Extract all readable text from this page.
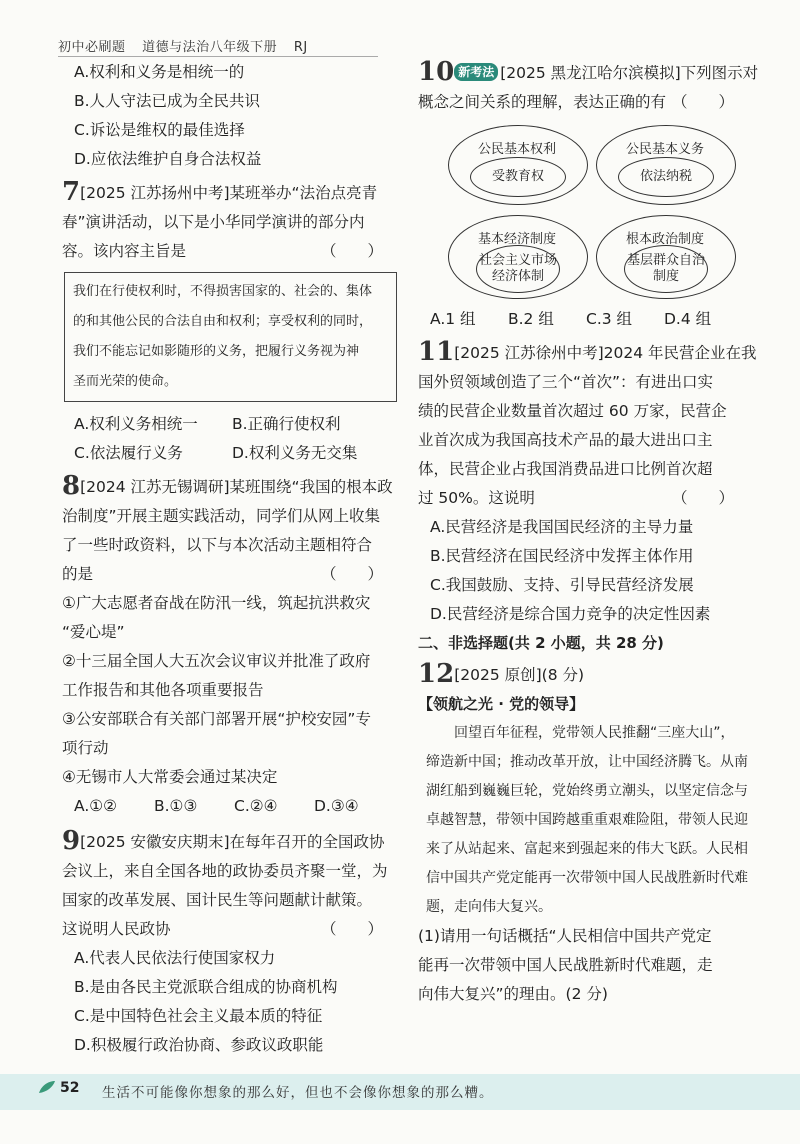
初中必刷题 道德与法治八年级下册 RJ
A.权利和义务是相统一的
B.人人守法已成为全民共识
C.诉讼是维权的最佳选择
D.应依法维护自身合法权益
7[2025 江苏扬州中考]某班举办“法治点亮青
春”演讲活动，以下是小华同学演讲的部分内
容。该内容主旨是	（　　）
我们在行使权利时，不得损害国家的、社会的、集体
的和其他公民的合法自由和权利；享受权利的同时，
我们不能忘记如影随形的义务，把履行义务视为神
圣而光荣的使命。
A.权利义务相统一	B.正确行使权利
C.依法履行义务	D.权利义务无交集
8[2024 江苏无锡调研]某班围绕“我国的根本政
治制度”开展主题实践活动，同学们从网上收集
了一些时政资料，以下与本次活动主题相符合
的是	（　　）
①广大志愿者奋战在防汛一线，筑起抗洪救灾
“爱心堤”
②十三届全国人大五次会议审议并批准了政府
工作报告和其他各项重要报告
③公安部联合有关部门部署开展“护校安园”专
项行动
④无锡市人大常委会通过某决定
A.①②	B.①③	C.②④	D.③④
9[2025 安徽安庆期末]在每年召开的全国政协
会议上，来自全国各地的政协委员齐聚一堂，为
国家的改革发展、国计民生等问题献计献策。
这说明人民政协	（　　）
A.代表人民依法行使国家权力
B.是由各民主党派联合组成的协商机构
C.是中国特色社会主义最本质的特征
D.积极履行政治协商、参政议政职能
10 新考法 [2025 黑龙江哈尔滨模拟]下列图示对
概念之间关系的理解，表达正确的有 （　　）
公民基本权利
受教育权
公民基本义务
依法纳税
基本经济制度
社会主义市场经济体制
根本政治制度
基层群众自治制度
A.1 组	B.2 组	C.3 组	D.4 组
11[2025 江苏徐州中考]2024 年民营企业在我
国外贸领域创造了三个“首次”：有进出口实
绩的民营企业数量首次超过 60 万家，民营企
业首次成为我国高技术产品的最大进出口主
体，民营企业占我国消费品进口比例首次超
过 50%。这说明	（　　）
A.民营经济是我国国民经济的主导力量
B.民营经济在国民经济中发挥主体作用
C.我国鼓励、支持、引导民营经济发展
D.民营经济是综合国力竞争的决定性因素
二、非选择题(共 2 小题，共 28 分)
12[2025 原创](8 分)
【领航之光 · 党的领导】
回望百年征程，党带领人民推翻“三座大山”，缔造新中国；推动改革开放，让中国经济腾飞。从南湖红船到巍巍巨轮，党始终勇立潮头，以坚定信念与卓越智慧，带领中国跨越重重艰难险阻，带领人民迎来了从站起来、富起来到强起来的伟大飞跃。人民相信中国共产党定能再一次带领中国人民战胜新时代难题，走向伟大复兴。
(1)请用一句话概括“人民相信中国共产党定
能再一次带领中国人民战胜新时代难题，走
向伟大复兴”的理由。(2 分)
52 生活不可能像你想象的那么好，但也不会像你想象的那么糟。
